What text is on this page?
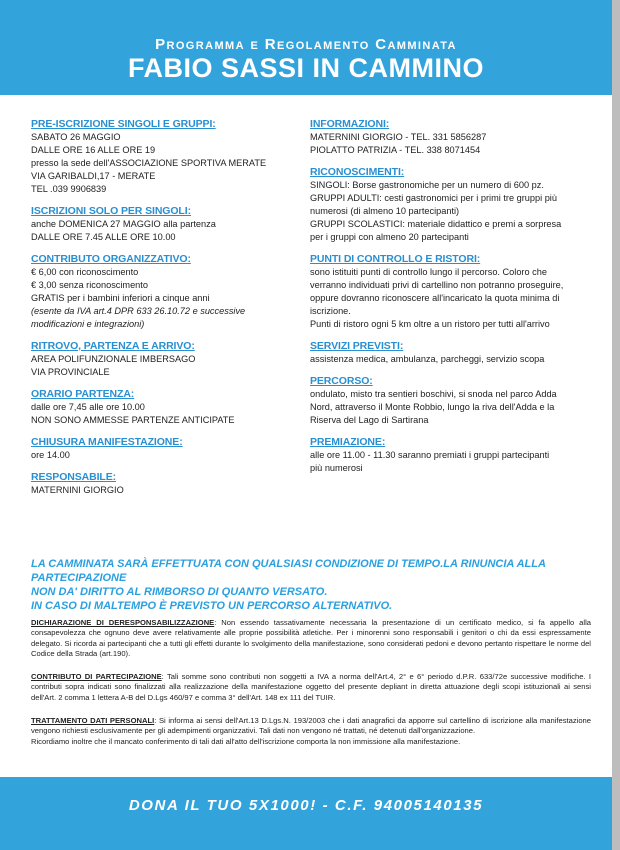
Programma e Regolamento Camminata
FABIO SASSI IN CAMMINO
PRE-ISCRIZIONE SINGOLI E GRUPPI:
SABATO 26 MAGGIO
DALLE ORE 16 ALLE ORE 19
presso la sede dell'ASSOCIAZIONE SPORTIVA MERATE
VIA GARIBALDI,17 - MERATE
TEL .039 9906839
ISCRIZIONI SOLO PER SINGOLI:
anche DOMENICA 27 MAGGIO alla partenza
DALLE ORE 7.45 ALLE ORE 10.00
CONTRIBUTO ORGANIZZATIVO:
€ 6,00 con riconoscimento
€ 3,00 senza riconoscimento
GRATIS per i bambini inferiori a cinque anni
(esente da IVA art.4 DPR 633 26.10.72 e successive
modificazioni e integrazioni)
RITROVO, PARTENZA E ARRIVO:
AREA POLIFUNZIONALE IMBERSAGO
VIA PROVINCIALE
ORARIO PARTENZA:
dalle ore 7,45 alle ore 10.00
NON SONO AMMESSE PARTENZE ANTICIPATE
CHIUSURA MANIFESTAZIONE:
ore 14.00
RESPONSABILE:
MATERNINI GIORGIO
INFORMAZIONI:
MATERNINI GIORGIO - TEL. 331 5856287
PIOLATTO PATRIZIA - TEL. 338 8071454
RICONOSCIMENTI:
SINGOLI: Borse gastronomiche per un numero di 600 pz.
GRUPPI ADULTI: cesti gastronomici per i primi tre gruppi più
numerosi (di almeno 10 partecipanti)
GRUPPI SCOLASTICI: materiale didattico e premi a sorpresa
per i gruppi con almeno 20 partecipanti
PUNTI DI CONTROLLO E RISTORI:
sono istituiti punti di controllo lungo il percorso. Coloro che
verranno individuati privi di cartellino non potranno proseguire,
oppure dovranno riconoscere all'incaricato la quota minima di
iscrizione.
Punti di ristoro ogni 5 km oltre a un ristoro per tutti all'arrivo
SERVIZI PREVISTI:
assistenza medica, ambulanza, parcheggi, servizio scopa
PERCORSO:
ondulato, misto tra sentieri boschivi, si snoda nel parco Adda
Nord, attraverso il Monte Robbio, lungo la riva dell'Adda e la
Riserva del Lago di Sartirana
PREMIAZIONE:
alle ore 11.00 - 11.30 saranno premiati i gruppi partecipanti
più numerosi
LA CAMMINATA SARÀ EFFETTUATA CON QUALSIASI CONDIZIONE DI TEMPO.LA RINUNCIA ALLA PARTECIPAZIONE
NON DA' DIRITTO AL RIMBORSO DI QUANTO VERSATO.
IN CASO DI MALTEMPO È PREVISTO UN PERCORSO ALTERNATIVO.
DICHIARAZIONE DI DERESPONSABILIZZAZIONE: Non essendo tassativamente necessaria la presentazione di un certificato medico, si fa appello alla consapevolezza che ognuno deve avere relativamente alle proprie possibilità atletiche. Per i minorenni sono responsabili i genitori o chi da essi espressamente delegato. Si ricorda ai partecipanti che a tutti gli effetti durante lo svolgimento della manifestazione, sono considerati pedoni e devono pertanto rispettare le norme del Codice della Strada (art.190).
CONTRIBUTO DI PARTECIPAZIONE: Tali somme sono contributi non soggetti a IVA a norma dell'Art.4, 2° e 6° periodo d.P.R. 633/72e successive modifiche. I contributi sopra indicati sono finalizzati alla realizzazione della manifestazione oggetto del presente depliant in diretta attuazione degli scopi istituzionali ai sensi dell'Art. 2 comma 1 lettera A-B del D.Lgs 460/97 e comma 3° dell'Art. 148 ex 111 del TUIR.
TRATTAMENTO DATI PERSONALI: Si informa ai sensi dell'Art.13 D.Lgs.N. 193/2003 che i dati anagrafici da apporre sul cartellino di iscrizione alla manifestazione vengono richiesti esclusivamente per gli adempimenti organizzativi. Tali dati non vengono né trattati, né detenuti dall'organizzazione.
Ricordiamo inoltre che il mancato conferimento di tali dati all'atto dell'iscrizione comporta la non immissione alla manifestazione.
DONA IL TUO 5X1000! - C.F. 94005140135
